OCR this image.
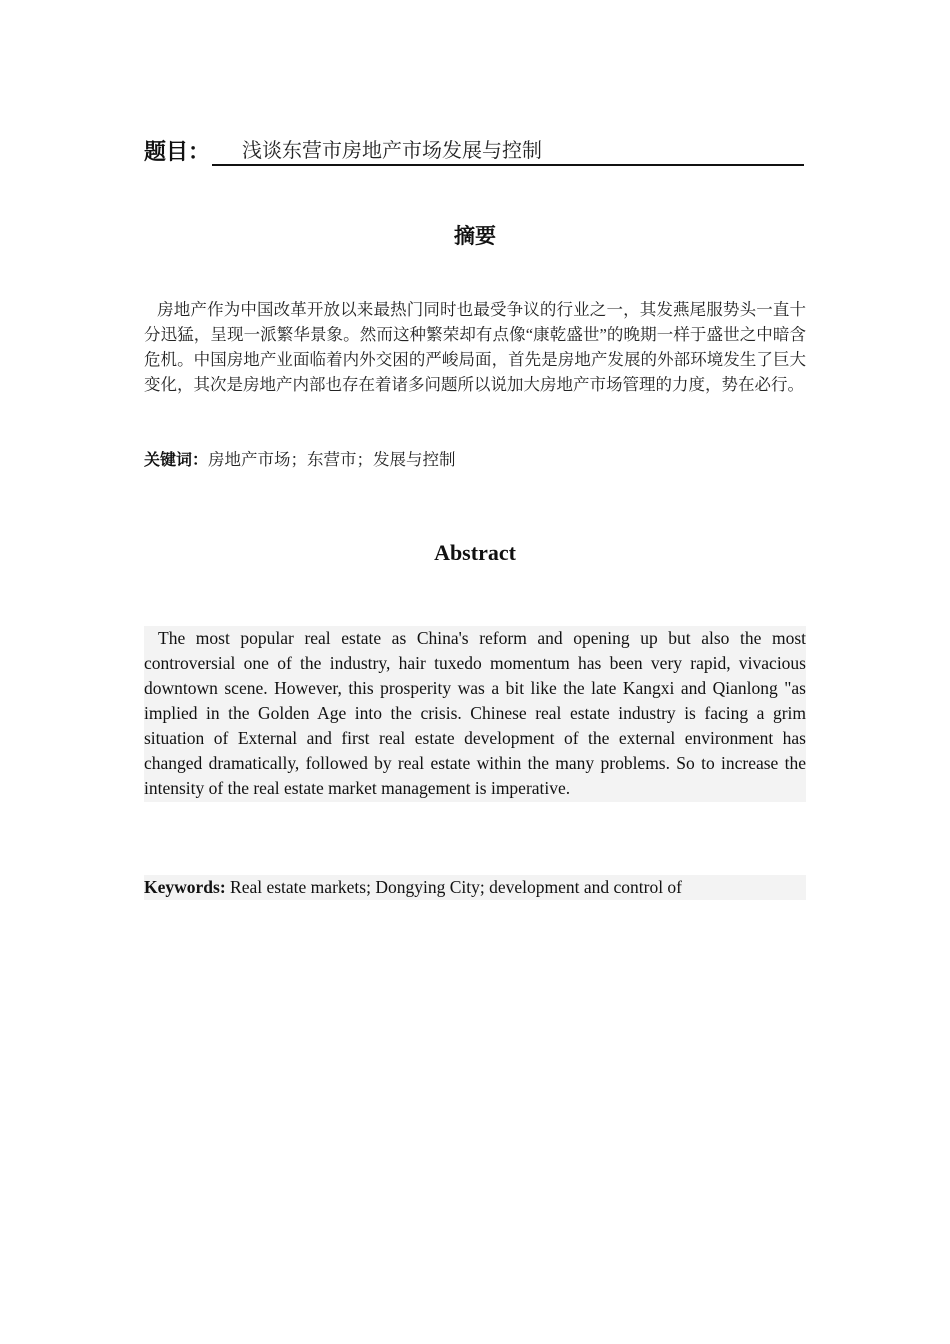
题目：	浅谈东营市房地产市场发展与控制
摘要

房地产作为中国改革开放以来最热门同时也最受争议的行业之一，其发燕尾服势头一直十分迅猛，呈现一派繁华景象。然而这种繁荣却有点像“康乾盛世”的晚期一样于盛世之中暗含危机。中国房地产业面临着内外交困的严峻局面，首先是房地产发展的外部环境发生了巨大变化，其次是房地产内部也存在着诸多问题所以说加大房地产市场管理的力度，势在必行。

关键词：房地产市场；东营市；发展与控制
Abstract

The most popular real estate as China's reform and opening up but also the most controversial one of the industry, hair tuxedo momentum has been very rapid, vivacious downtown scene. However, this prosperity was a bit like the late Kangxi and Qianlong "as implied in the Golden Age into the crisis. Chinese real estate industry is facing a grim situation of External and first real estate development of the external environment has changed dramatically, followed by real estate within the many problems. So to increase the intensity of the real estate market management is imperative.

Keywords: Real estate markets; Dongying City; development and control of
